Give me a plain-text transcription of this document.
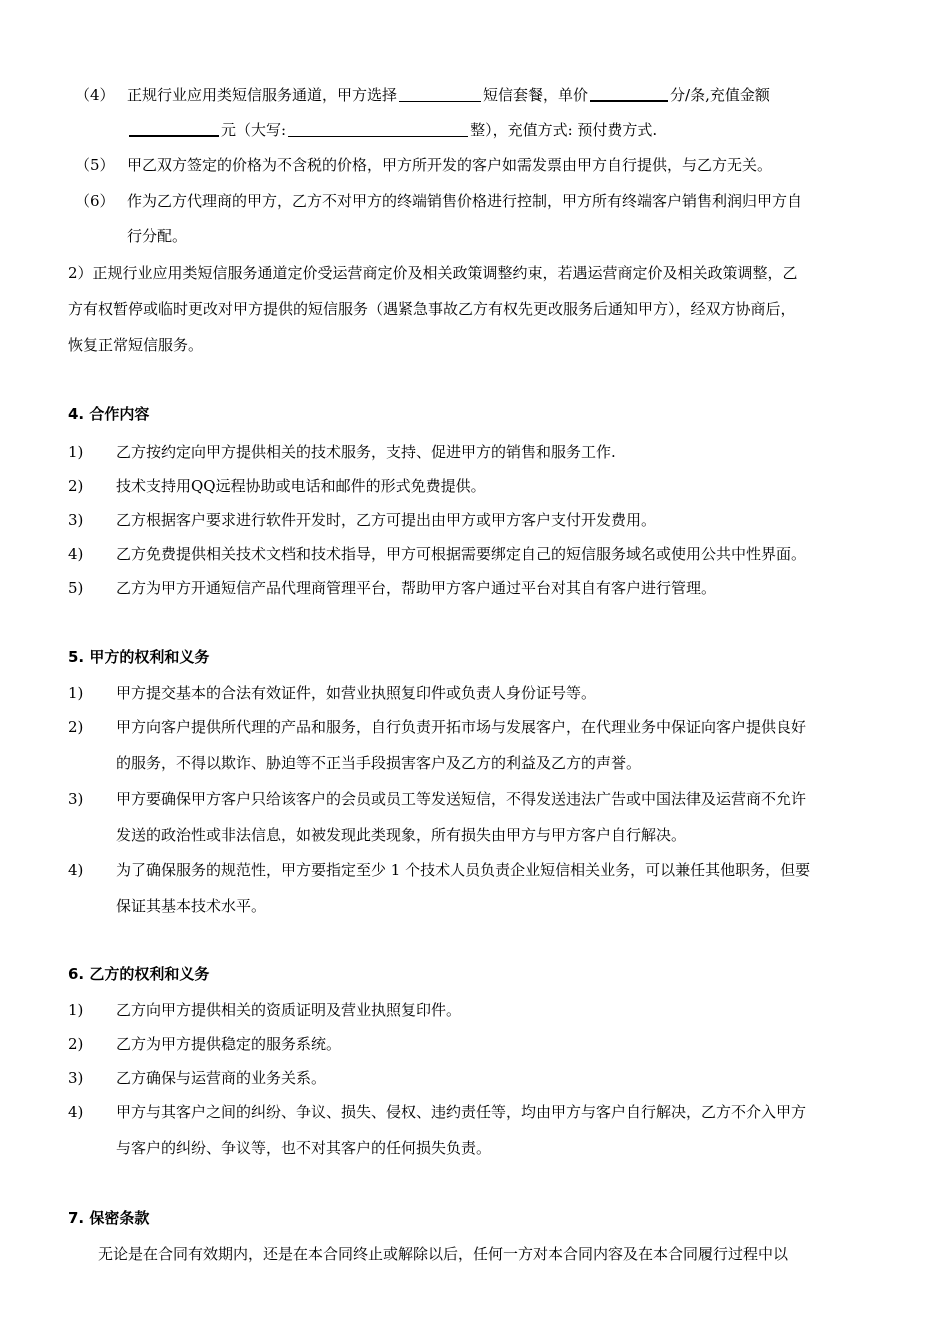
（4） 正规行业应用类短信服务通道，甲方选择	短信套餐，单价	分/条,充值金额
元（大写:	整），充值方式: 预付费方式.
（5） 甲乙双方签定的价格为不含税的价格，甲方所开发的客户如需发票由甲方自行提供，与乙方无关。
（6） 作为乙方代理商的甲方，乙方不对甲方的终端销售价格进行控制，甲方所有终端客户销售利润归甲方自
行分配。
2）正规行业应用类短信服务通道定价受运营商定价及相关政策调整约束，若遇运营商定价及相关政策调整，乙
方有权暂停或临时更改对甲方提供的短信服务（遇紧急事故乙方有权先更改服务后通知甲方），经双方协商后，
恢复正常短信服务。
4. 合作内容
1) 乙方按约定向甲方提供相关的技术服务，支持、促进甲方的销售和服务工作.
2) 技术支持用QQ远程协助或电话和邮件的形式免费提供。
3) 乙方根据客户要求进行软件开发时，乙方可提出由甲方或甲方客户支付开发费用。
4) 乙方免费提供相关技术文档和技术指导，甲方可根据需要绑定自己的短信服务域名或使用公共中性界面。
5) 乙方为甲方开通短信产品代理商管理平台，帮助甲方客户通过平台对其自有客户进行管理。
5. 甲方的权利和义务
1) 甲方提交基本的合法有效证件，如营业执照复印件或负责人身份证号等。
2) 甲方向客户提供所代理的产品和服务，自行负责开拓市场与发展客户，在代理业务中保证向客户提供良好
的服务，不得以欺诈、胁迫等不正当手段损害客户及乙方的利益及乙方的声誉。
3) 甲方要确保甲方客户只给该客户的会员或员工等发送短信，不得发送违法广告或中国法律及运营商不允许
发送的政治性或非法信息，如被发现此类现象，所有损失由甲方与甲方客户自行解决。
4) 为了确保服务的规范性，甲方要指定至少 1 个技术人员负责企业短信相关业务，可以兼任其他职务，但要
保证其基本技术水平。
6. 乙方的权利和义务
1) 乙方向甲方提供相关的资质证明及营业执照复印件。
2) 乙方为甲方提供稳定的服务系统。
3) 乙方确保与运营商的业务关系。
4) 甲方与其客户之间的纠纷、争议、损失、侵权、违约责任等，均由甲方与客户自行解决，乙方不介入甲方
与客户的纠纷、争议等，也不对其客户的任何损失负责。
7. 保密条款
无论是在合同有效期内，还是在本合同终止或解除以后，任何一方对本合同内容及在本合同履行过程中以
